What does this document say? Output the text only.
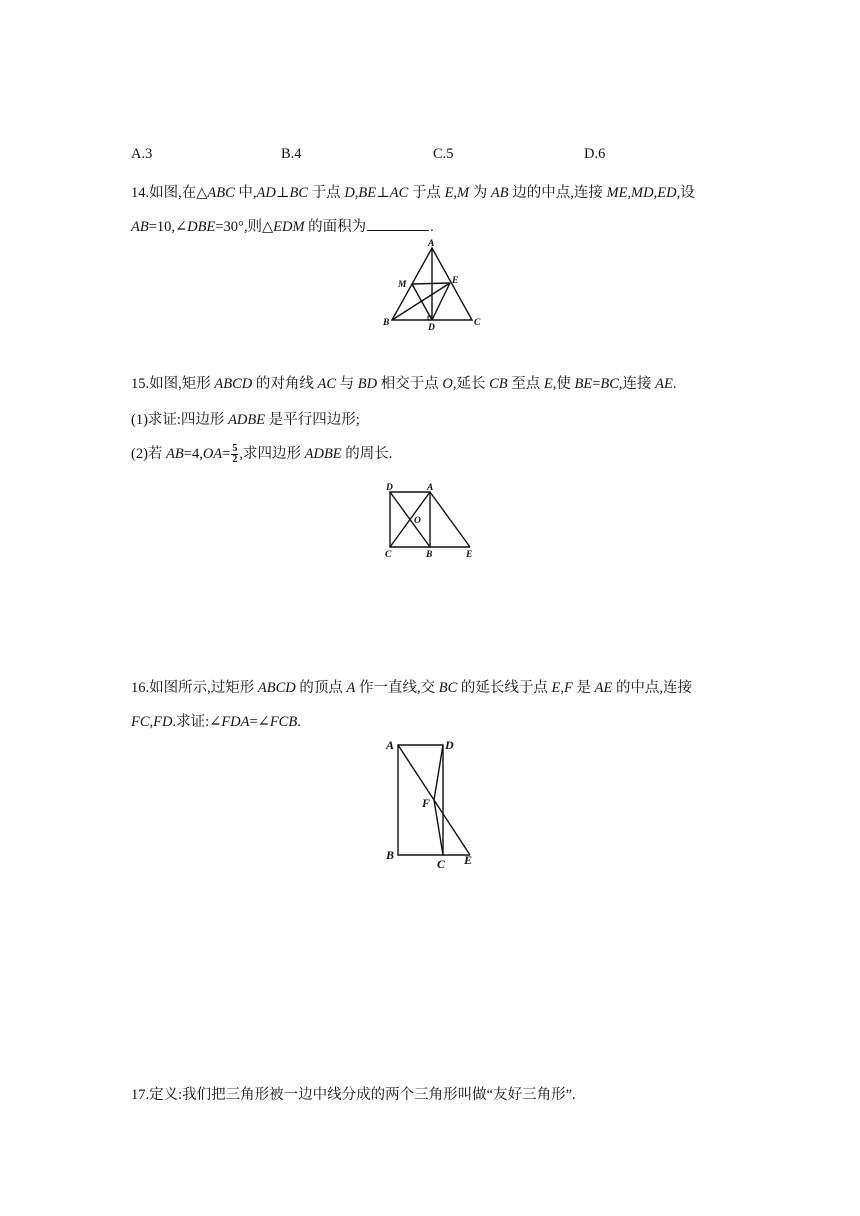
A.3	B.4	C.5	D.6
14.如图,在△ABC 中,AD⊥BC 于点 D,BE⊥AC 于点 E,M 为 AB 边的中点,连接 ME,MD,ED,设
AB=10,∠DBE=30°,则△EDM 的面积为	.
A
M	E
B	D	C
15.如图,矩形 ABCD 的对角线 AC 与 BD 相交于点 O,延长 CB 至点 E,使 BE=BC,连接 AE.
(1)求证:四边形 ADBE 是平行四边形;
(2)若 $AB=4,OA= \frac{5}{2}$ ,求四边形 ADBE 的周长.
D	A
O
C	B	E
16.如图所示,过矩形 ABCD 的顶点 A 作一直线,交 BC 的延长线于点 E,F 是 AE 的中点,连接
FC,FD.求证:∠FDA=∠FCB.
A	D
F
B
C E
17.定义:我们把三角形被一边中线分成的两个三角形叫做“友好三角形”.
